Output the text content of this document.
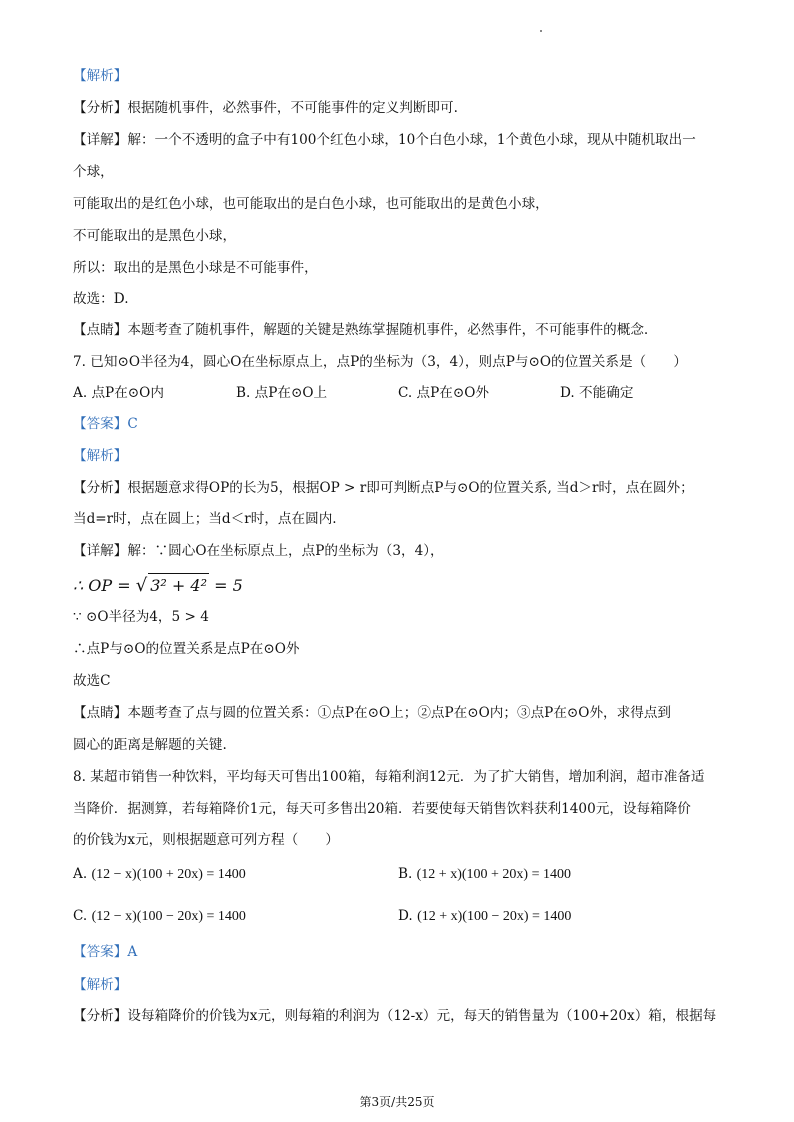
【解析】
【分析】根据随机事件，必然事件，不可能事件的定义判断即可.
【详解】解：一个不透明的盒子中有100个红色小球，10个白色小球，1个黄色小球，现从中随机取出一
个球，
可能取出的是红色小球，也可能取出的是白色小球，也可能取出的是黄色小球，
不可能取出的是黑色小球，
所以：取出的是黑色小球是不可能事件，
故选：D.
【点睛】本题考查了随机事件，解题的关键是熟练掌握随机事件，必然事件，不可能事件的概念.
7. 已知⊙O半径为4，圆心O在坐标原点上，点P的坐标为（3，4），则点P与⊙O的位置关系是（　　）
A. 点P在⊙O内	B. 点P在⊙O上	C. 点P在⊙O外	D. 不能确定
【答案】C
【解析】
【分析】根据题意求得OP的长为5，根据OP > r即可判断点P与⊙O的位置关系, 当d＞r时，点在圆外；
当d=r时，点在圆上；当d＜r时，点在圆内.
【详解】解：∵圆心O在坐标原点上，点P的坐标为（3，4），
∴ OP = √ 3² + 4² = 5
∵ ⊙O半径为4，5 > 4
∴点P与⊙O的位置关系是点P在⊙O外
故选C
【点睛】本题考查了点与圆的位置关系：①点P在⊙O上；②点P在⊙O内；③点P在⊙O外，求得点到
圆心的距离是解题的关键.
8. 某超市销售一种饮料，平均每天可售出100箱，每箱利润12元．为了扩大销售，增加利润，超市准备适
当降价．据测算，若每箱降价1元，每天可多售出20箱．若要使每天销售饮料获利1400元，设每箱降价
的价钱为x元，则根据题意可列方程（　　）
A. (12 − x)(100 + 20x) = 1400	B. (12 + x)(100 + 20x) = 1400
C. (12 − x)(100 − 20x) = 1400	D. (12 + x)(100 − 20x) = 1400
【答案】A
【解析】
【分析】设每箱降价的价钱为x元，则每箱的利润为（12-x）元，每天的销售量为（100+20x）箱，根据每
第3页/共25页
